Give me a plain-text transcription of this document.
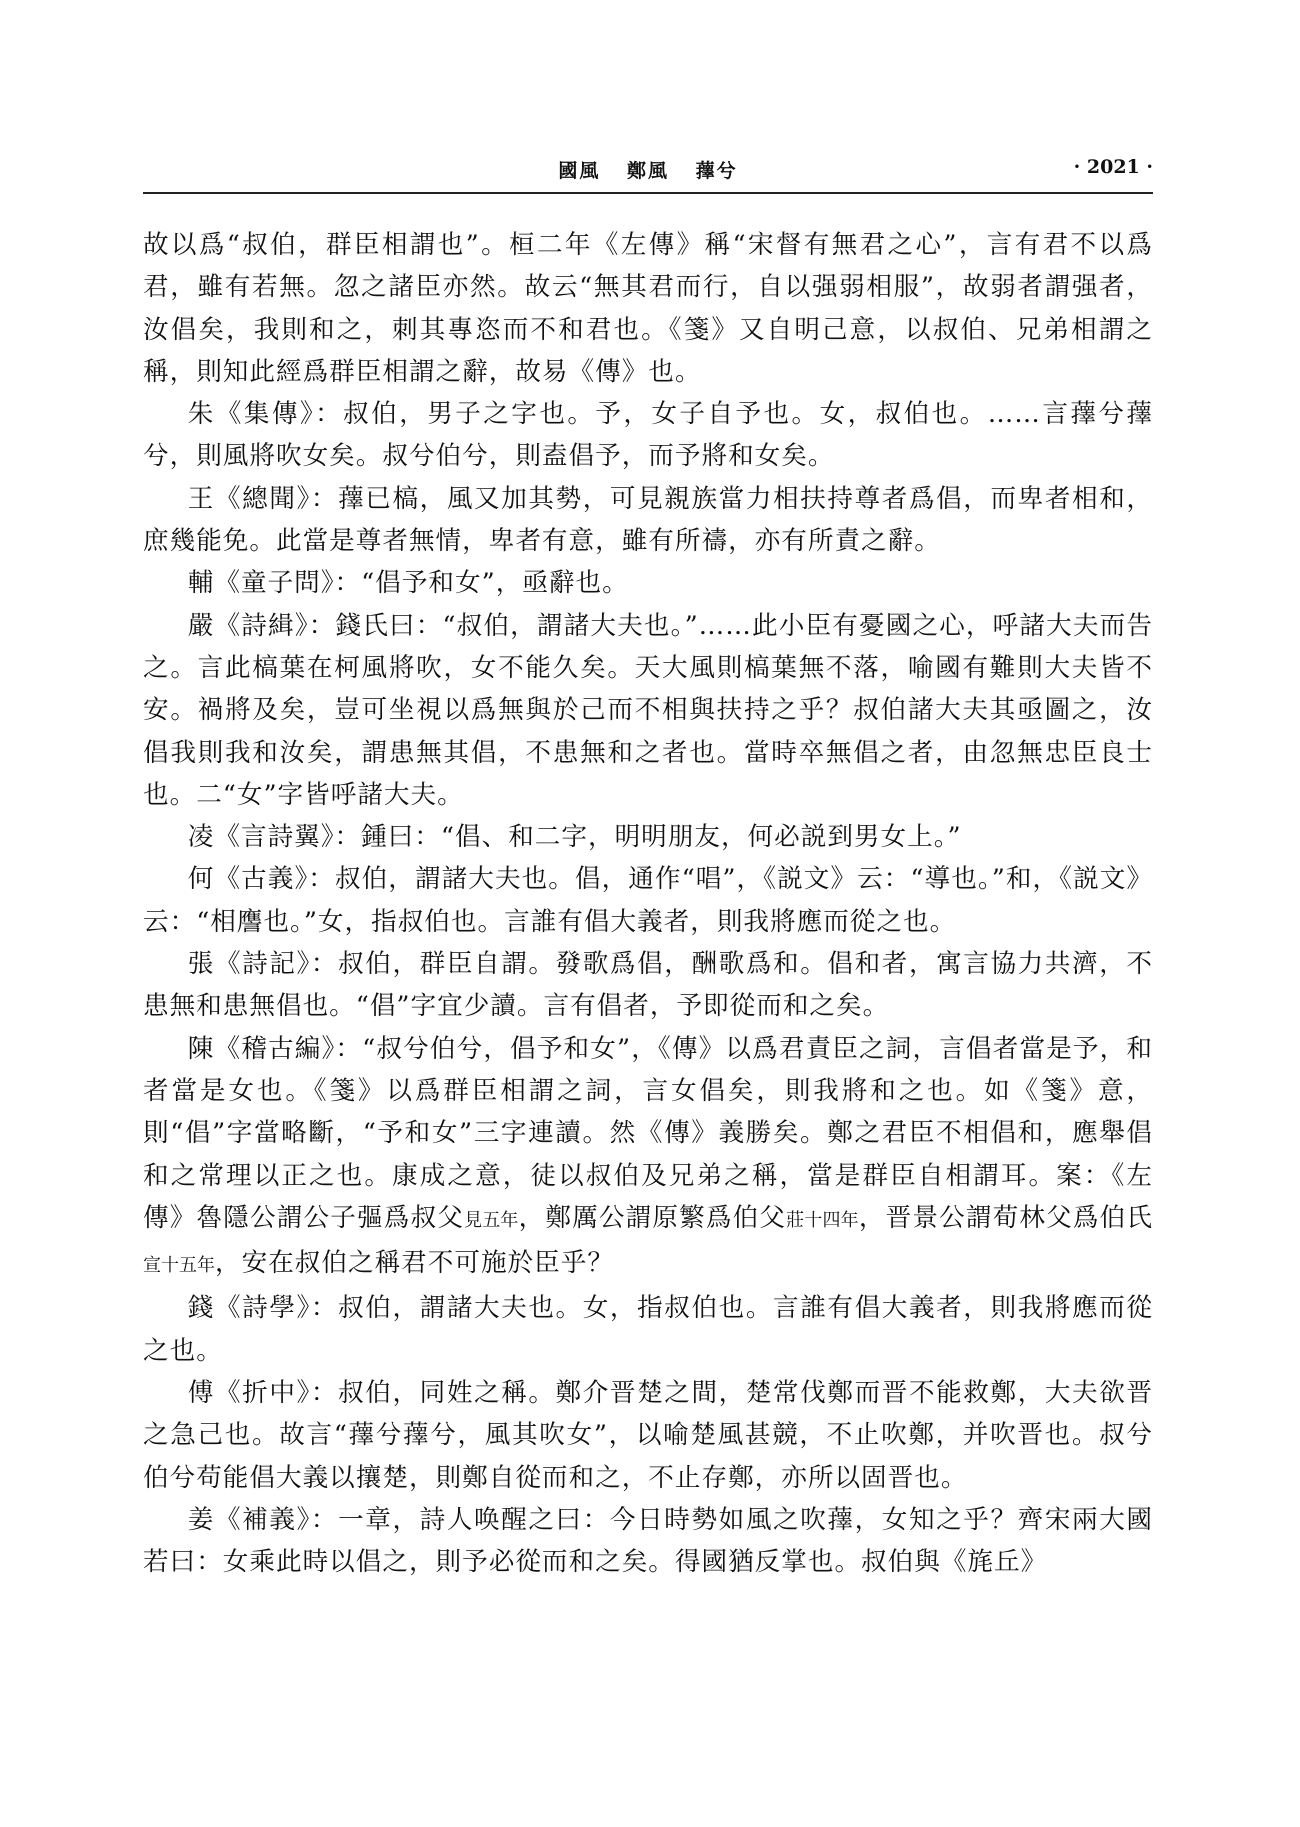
國風 鄭風 蘀兮	· 2021 ·

故以爲“叔伯，群臣相謂也”。桓二年《左傳》稱“宋督有無君之心”，言有君不以爲君，雖有若無。忽之諸臣亦然。故云“無其君而行，自以强弱相服”，故弱者謂强者，汝倡矣，我則和之，刺其專恣而不和君也。《箋》又自明己意，以叔伯、兄弟相謂之稱，則知此經爲群臣相謂之辭，故易《傳》也。

朱《集傳》：叔伯，男子之字也。予，女子自予也。女，叔伯也。……言蘀兮蘀兮，則風將吹女矣。叔兮伯兮，則盍倡予，而予將和女矣。

王《總聞》：蘀已槁，風又加其勢，可見親族當力相扶持尊者爲倡，而卑者相和，庶幾能免。此當是尊者無情，卑者有意，雖有所禱，亦有所責之辭。

輔《童子問》：“倡予和女”，亟辭也。

嚴《詩緝》：錢氏曰：“叔伯，謂諸大夫也。”……此小臣有憂國之心，呼諸大夫而告之。言此槁葉在柯風將吹，女不能久矣。天大風則槁葉無不落，喻國有難則大夫皆不安。禍將及矣，豈可坐視以爲無與於己而不相與扶持之乎？叔伯諸大夫其亟圖之，汝倡我則我和汝矣，謂患無其倡，不患無和之者也。當時卒無倡之者，由忽無忠臣良士也。二“女”字皆呼諸大夫。

凌《言詩翼》：鍾曰：“倡、和二字，明明朋友，何必説到男女上。”

何《古義》：叔伯，謂諸大夫也。倡，通作“唱”，《説文》云：“導也。”和，《説文》云：“相譍也。”女，指叔伯也。言誰有倡大義者，則我將應而從之也。

張《詩記》：叔伯，群臣自謂。發歌爲倡，酬歌爲和。倡和者，寓言協力共濟，不患無和患無倡也。“倡”字宜少讀。言有倡者，予即從而和之矣。

陳《稽古編》：“叔兮伯兮，倡予和女”，《傳》以爲君責臣之詞，言倡者當是予，和者當是女也。《箋》以爲群臣相謂之詞，言女倡矣，則我將和之也。如《箋》意，則“倡”字當略斷，“予和女”三字連讀。然《傳》義勝矣。鄭之君臣不相倡和，應舉倡和之常理以正之也。康成之意，徒以叔伯及兄弟之稱，當是群臣自相謂耳。案：《左傳》魯隱公謂公子彄爲叔父見五年，鄭厲公謂原繁爲伯父莊十四年，晋景公謂荀林父爲伯氏宣十五年，安在叔伯之稱君不可施於臣乎？

錢《詩學》：叔伯，謂諸大夫也。女，指叔伯也。言誰有倡大義者，則我將應而從之也。

傅《折中》：叔伯，同姓之稱。鄭介晋楚之間，楚常伐鄭而晋不能救鄭，大夫欲晋之急己也。故言“蘀兮蘀兮，風其吹女”，以喻楚風甚競，不止吹鄭，并吹晋也。叔兮伯兮苟能倡大義以攘楚，則鄭自從而和之，不止存鄭，亦所以固晋也。

姜《補義》：一章，詩人唤醒之曰：今日時勢如風之吹蘀，女知之乎？齊宋兩大國若曰：女乘此時以倡之，則予必從而和之矣。得國猶反掌也。叔伯與《旄丘》
